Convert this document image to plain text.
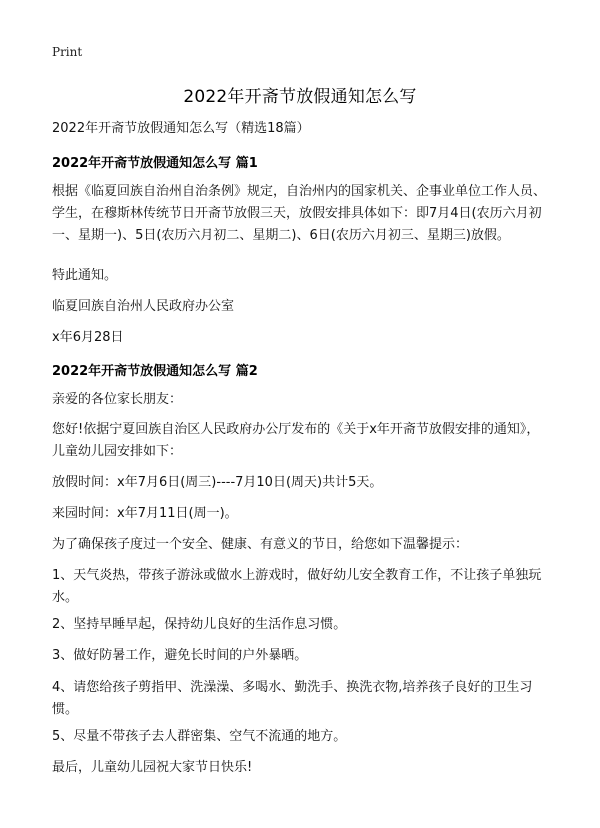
Print
2022年开斋节放假通知怎么写
2022年开斋节放假通知怎么写（精选18篇）
2022年开斋节放假通知怎么写 篇1
根据《临夏回族自治州自治条例》规定，自治州内的国家机关、企事业单位工作人员、学生，在穆斯林传统节日开斋节放假三天，放假安排具体如下：即7月4日(农历六月初一、星期一)、5日(农历六月初二、星期二)、6日(农历六月初三、星期三)放假。
特此通知。
临夏回族自治州人民政府办公室
x年6月28日
2022年开斋节放假通知怎么写 篇2
亲爱的各位家长朋友：
您好!依据宁夏回族自治区人民政府办公厅发布的《关于x年开斋节放假安排的通知》，儿童幼儿园安排如下：
放假时间：x年7月6日(周三)----7月10日(周天)共计5天。
来园时间：x年7月11日(周一)。
为了确保孩子度过一个安全、健康、有意义的节日，给您如下温馨提示：
1、天气炎热，带孩子游泳或做水上游戏时，做好幼儿安全教育工作，不让孩子单独玩水。
2、坚持早睡早起，保持幼儿良好的生活作息习惯。
3、做好防暑工作，避免长时间的户外暴晒。
4、请您给孩子剪指甲、洗澡澡、多喝水、勤洗手、换洗衣物,培养孩子良好的卫生习惯。
5、尽量不带孩子去人群密集、空气不流通的地方。
最后，儿童幼儿园祝大家节日快乐!
